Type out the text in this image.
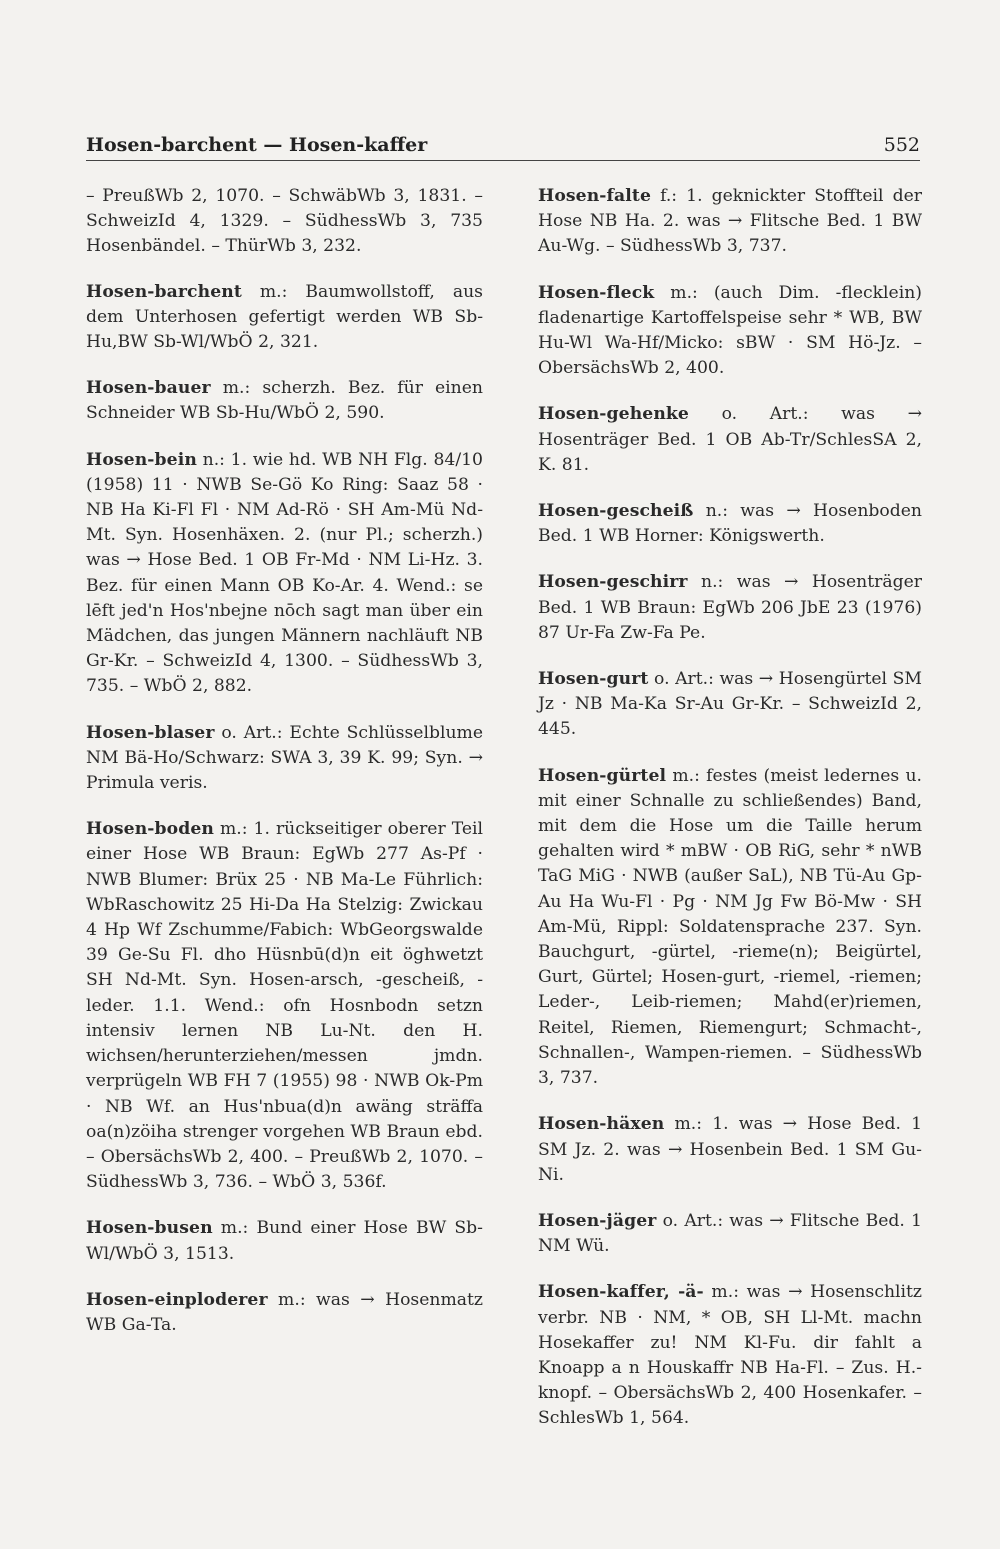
Hosen-barchent — Hosen-kaffer	552

– PreußWb 2, 1070. – SchwäbWb 3, 1831. – SchweizId 4, 1329. – SüdhessWb 3, 735 Hosenbändel. – ThürWb 3, 232.

Hosen-barchent m.: Baumwollstoff, aus dem Unterhosen gefertigt werden WB Sb-Hu,BW Sb-Wl/WbÖ 2, 321.

Hosen-bauer m.: scherzh. Bez. für einen Schneider WB Sb-Hu/WbÖ 2, 590.

Hosen-bein n.: 1. wie hd. WB NH Flg. 84/10 (1958) 11 · NWB Se-Gö Ko Ring: Saaz 58 · NB Ha Ki-Fl Fl · NM Ad-Rö · SH Am-Mü Nd-Mt. Syn. Hosenhäxen. 2. (nur Pl.; scherzh.) was → Hose Bed. 1 OB Fr-Md · NM Li-Hz. 3. Bez. für einen Mann OB Ko-Ar. 4. Wend.: se lēft jed'n Hos'nbejne nōch sagt man über ein Mädchen, das jungen Männern nachläuft NB Gr-Kr. – SchweizId 4, 1300. – SüdhessWb 3, 735. – WbÖ 2, 882.

Hosen-blaser o. Art.: Echte Schlüsselblume NM Bä-Ho/Schwarz: SWA 3, 39 K. 99; Syn. → Primula veris.

Hosen-boden m.: 1. rückseitiger oberer Teil einer Hose WB Braun: EgWb 277 As-Pf · NWB Blumer: Brüx 25 · NB Ma-Le Führlich: WbRaschowitz 25 Hi-Da Ha Stelzig: Zwickau 4 Hp Wf Zschumme/Fabich: WbGeorgswalde 39 Ge-Su Fl. dho Hüsnbū(d)n eit öghwetzt SH Nd-Mt. Syn. Hosen-arsch, -gescheiß, -leder. 1.1. Wend.: ofn Hosnbodn setzn intensiv lernen NB Lu-Nt. den H. wichsen/herunterziehen/messen jmdn. verprügeln WB FH 7 (1955) 98 · NWB Ok-Pm · NB Wf. an Hus'nbua(d)n awäng sträffa oa(n)zöiha strenger vorgehen WB Braun ebd. – ObersächsWb 2, 400. – PreußWb 2, 1070. – SüdhessWb 3, 736. – WbÖ 3, 536f.

Hosen-busen m.: Bund einer Hose BW Sb-Wl/WbÖ 3, 1513.

Hosen-einploderer m.: was → Hosenmatz WB Ga-Ta.

Hosen-falte f.: 1. geknickter Stoffteil der Hose NB Ha. 2. was → Flitsche Bed. 1 BW Au-Wg. – SüdhessWb 3, 737.

Hosen-fleck m.: (auch Dim. -flecklein) fladenartige Kartoffelspeise sehr * WB, BW Hu-Wl Wa-Hf/Micko: sBW · SM Hö-Jz. – ObersächsWb 2, 400.

Hosen-gehenke o. Art.: was → Hosenträger Bed. 1 OB Ab-Tr/SchlesSA 2, K. 81.

Hosen-gescheiß n.: was → Hosenboden Bed. 1 WB Horner: Königswerth.

Hosen-geschirr n.: was → Hosenträger Bed. 1 WB Braun: EgWb 206 JbE 23 (1976) 87 Ur-Fa Zw-Fa Pe.

Hosen-gurt o. Art.: was → Hosengürtel SM Jz · NB Ma-Ka Sr-Au Gr-Kr. – SchweizId 2, 445.

Hosen-gürtel m.: festes (meist ledernes u. mit einer Schnalle zu schließendes) Band, mit dem die Hose um die Taille herum gehalten wird * mBW · OB RiG, sehr * nWB TaG MiG · NWB (außer SaL), NB Tü-Au Gp-Au Ha Wu-Fl · Pg · NM Jg Fw Bö-Mw · SH Am-Mü, Rippl: Soldatensprache 237. Syn. Bauchgurt, -gürtel, -rieme(n); Beigürtel, Gurt, Gürtel; Hosen-gurt, -riemel, -riemen; Leder-, Leib-riemen; Mahd(er)riemen, Reitel, Riemen, Riemengurt; Schmacht-, Schnallen-, Wampen-riemen. – SüdhessWb 3, 737.

Hosen-häxen m.: 1. was → Hose Bed. 1 SM Jz. 2. was → Hosenbein Bed. 1 SM Gu-Ni.

Hosen-jäger o. Art.: was → Flitsche Bed. 1 NM Wü.

Hosen-kaffer, -ä- m.: was → Hosenschlitz verbr. NB · NM, * OB, SH Ll-Mt. machn Hosekaffer zu! NM Kl-Fu. dir fahlt a Knoapp a n Houskaffr NB Ha-Fl. – Zus. H.-knopf. – ObersächsWb 2, 400 Hosenkafer. – SchlesWb 1, 564.
